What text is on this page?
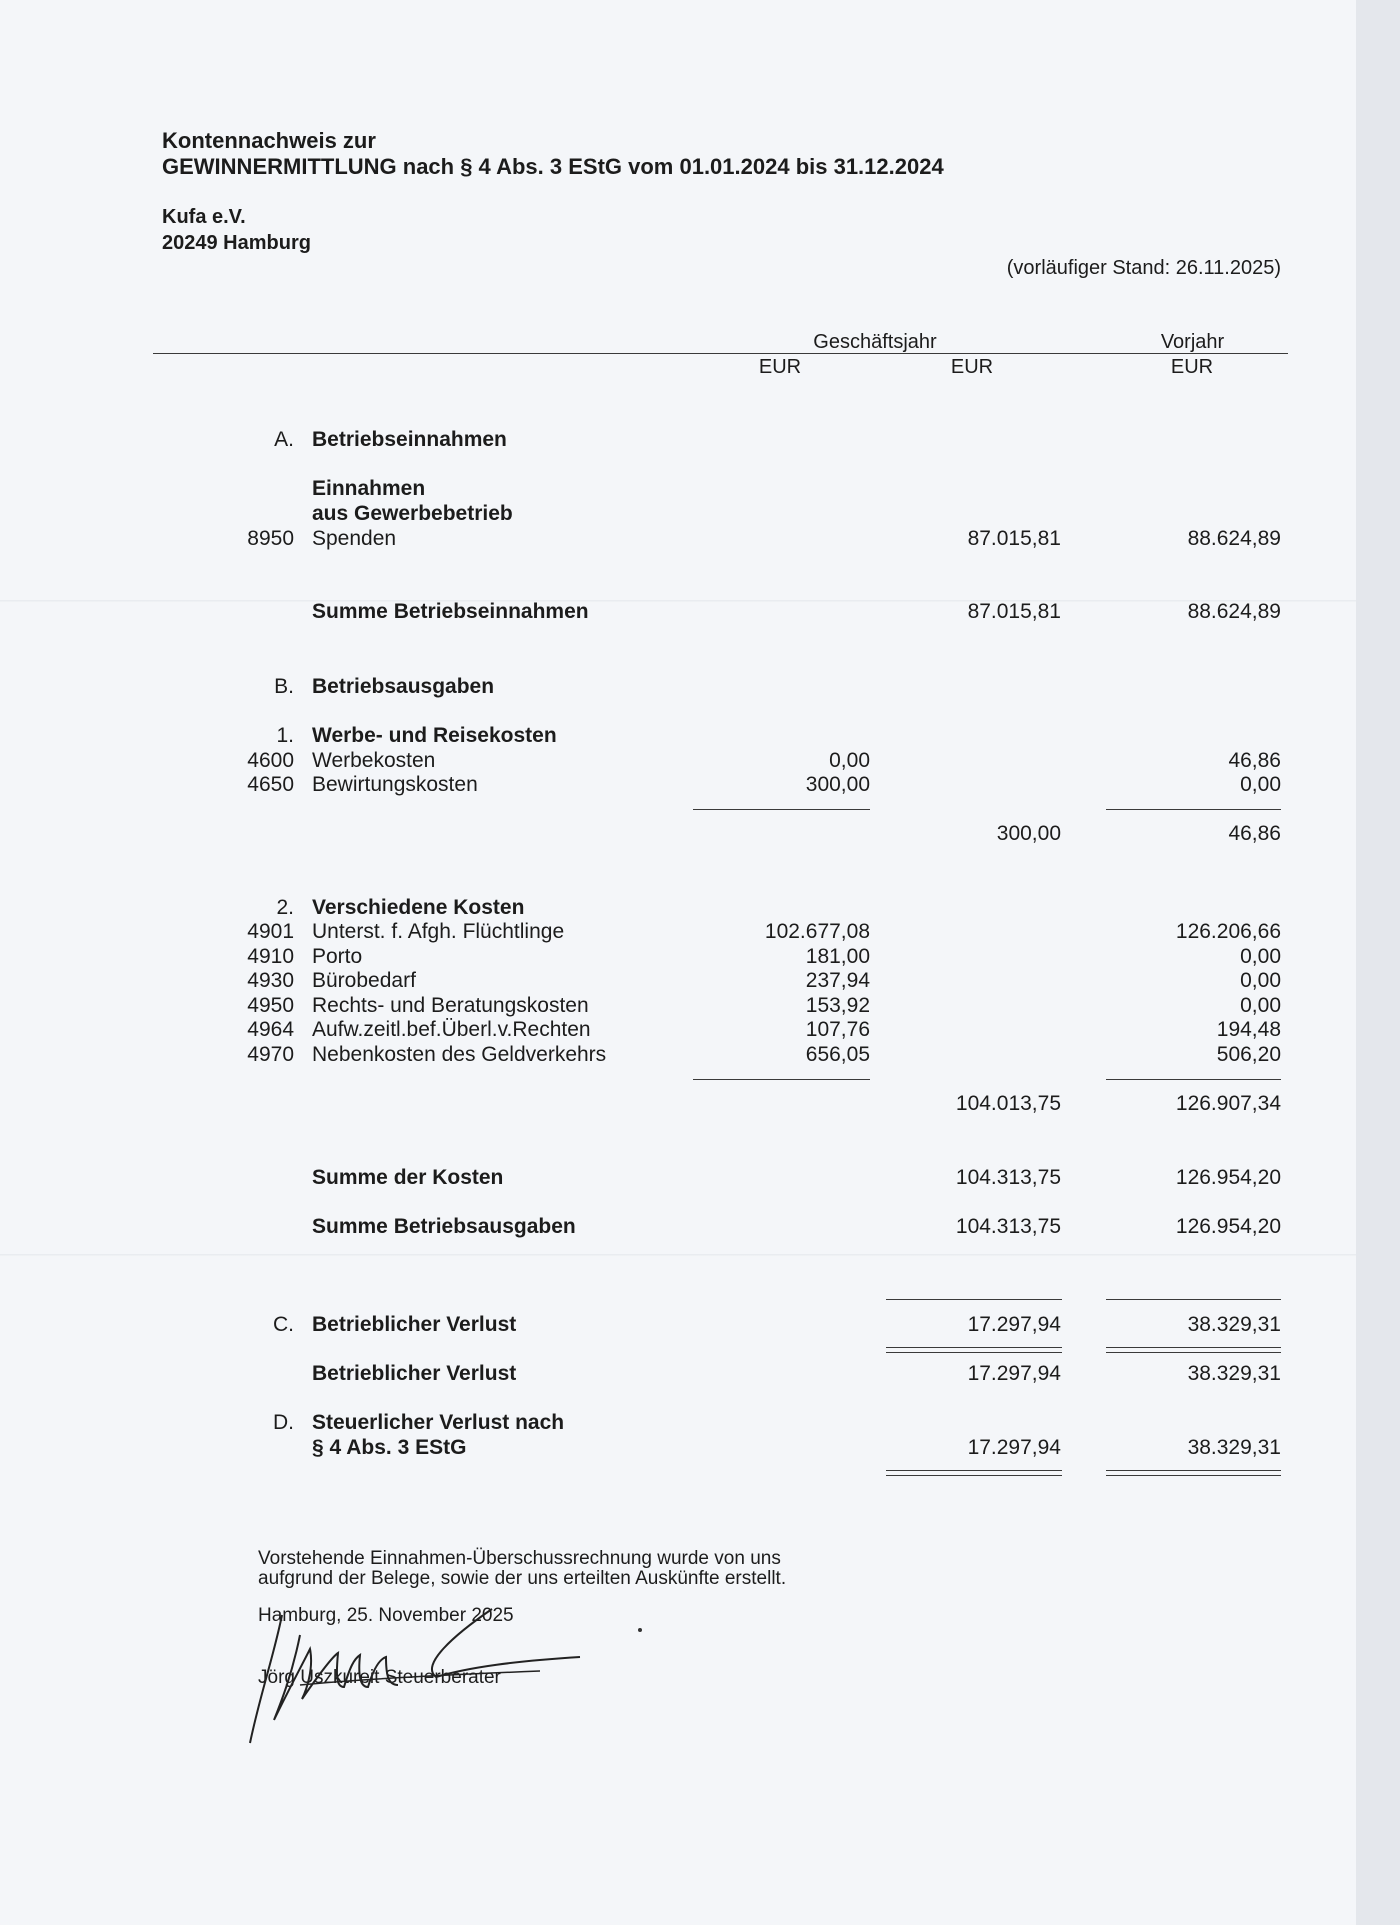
Kontennachweis zur
GEWINNERMITTLUNG nach § 4 Abs. 3 EStG vom 01.01.2024 bis 31.12.2024
Kufa e.V.
20249 Hamburg
(vorläufiger Stand: 26.11.2025)
Geschäftsjahr	Vorjahr
EUR	EUR	EUR
A. Betriebseinnahmen
Einnahmen
aus Gewerbebetrieb
8950 Spenden	87.015,81	88.624,89
Summe Betriebseinnahmen	87.015,81	88.624,89
B. Betriebsausgaben
1. Werbe- und Reisekosten
4600 Werbekosten	0,00	46,86
4650 Bewirtungskosten	300,00	0,00
300,00	46,86
2. Verschiedene Kosten
4901 Unterst. f. Afgh. Flüchtlinge	102.677,08	126.206,66
4910 Porto	181,00	0,00
4930 Bürobedarf	237,94	0,00
4950 Rechts- und Beratungskosten	153,92	0,00
4964 Aufw.zeitl.bef.Überl.v.Rechten	107,76	194,48
4970 Nebenkosten des Geldverkehrs	656,05	506,20
104.013,75	126.907,34
Summe der Kosten	104.313,75	126.954,20
Summe Betriebsausgaben	104.313,75	126.954,20
C. Betrieblicher Verlust	17.297,94	38.329,31
Betrieblicher Verlust	17.297,94	38.329,31
D. Steuerlicher Verlust nach
§ 4 Abs. 3 EStG	17.297,94	38.329,31
Vorstehende Einnahmen-Überschussrechnung wurde von uns
aufgrund der Belege, sowie der uns erteilten Auskünfte erstellt.
Hamburg, 25. November 2025
Jörg Uszkureit Steuerberater
